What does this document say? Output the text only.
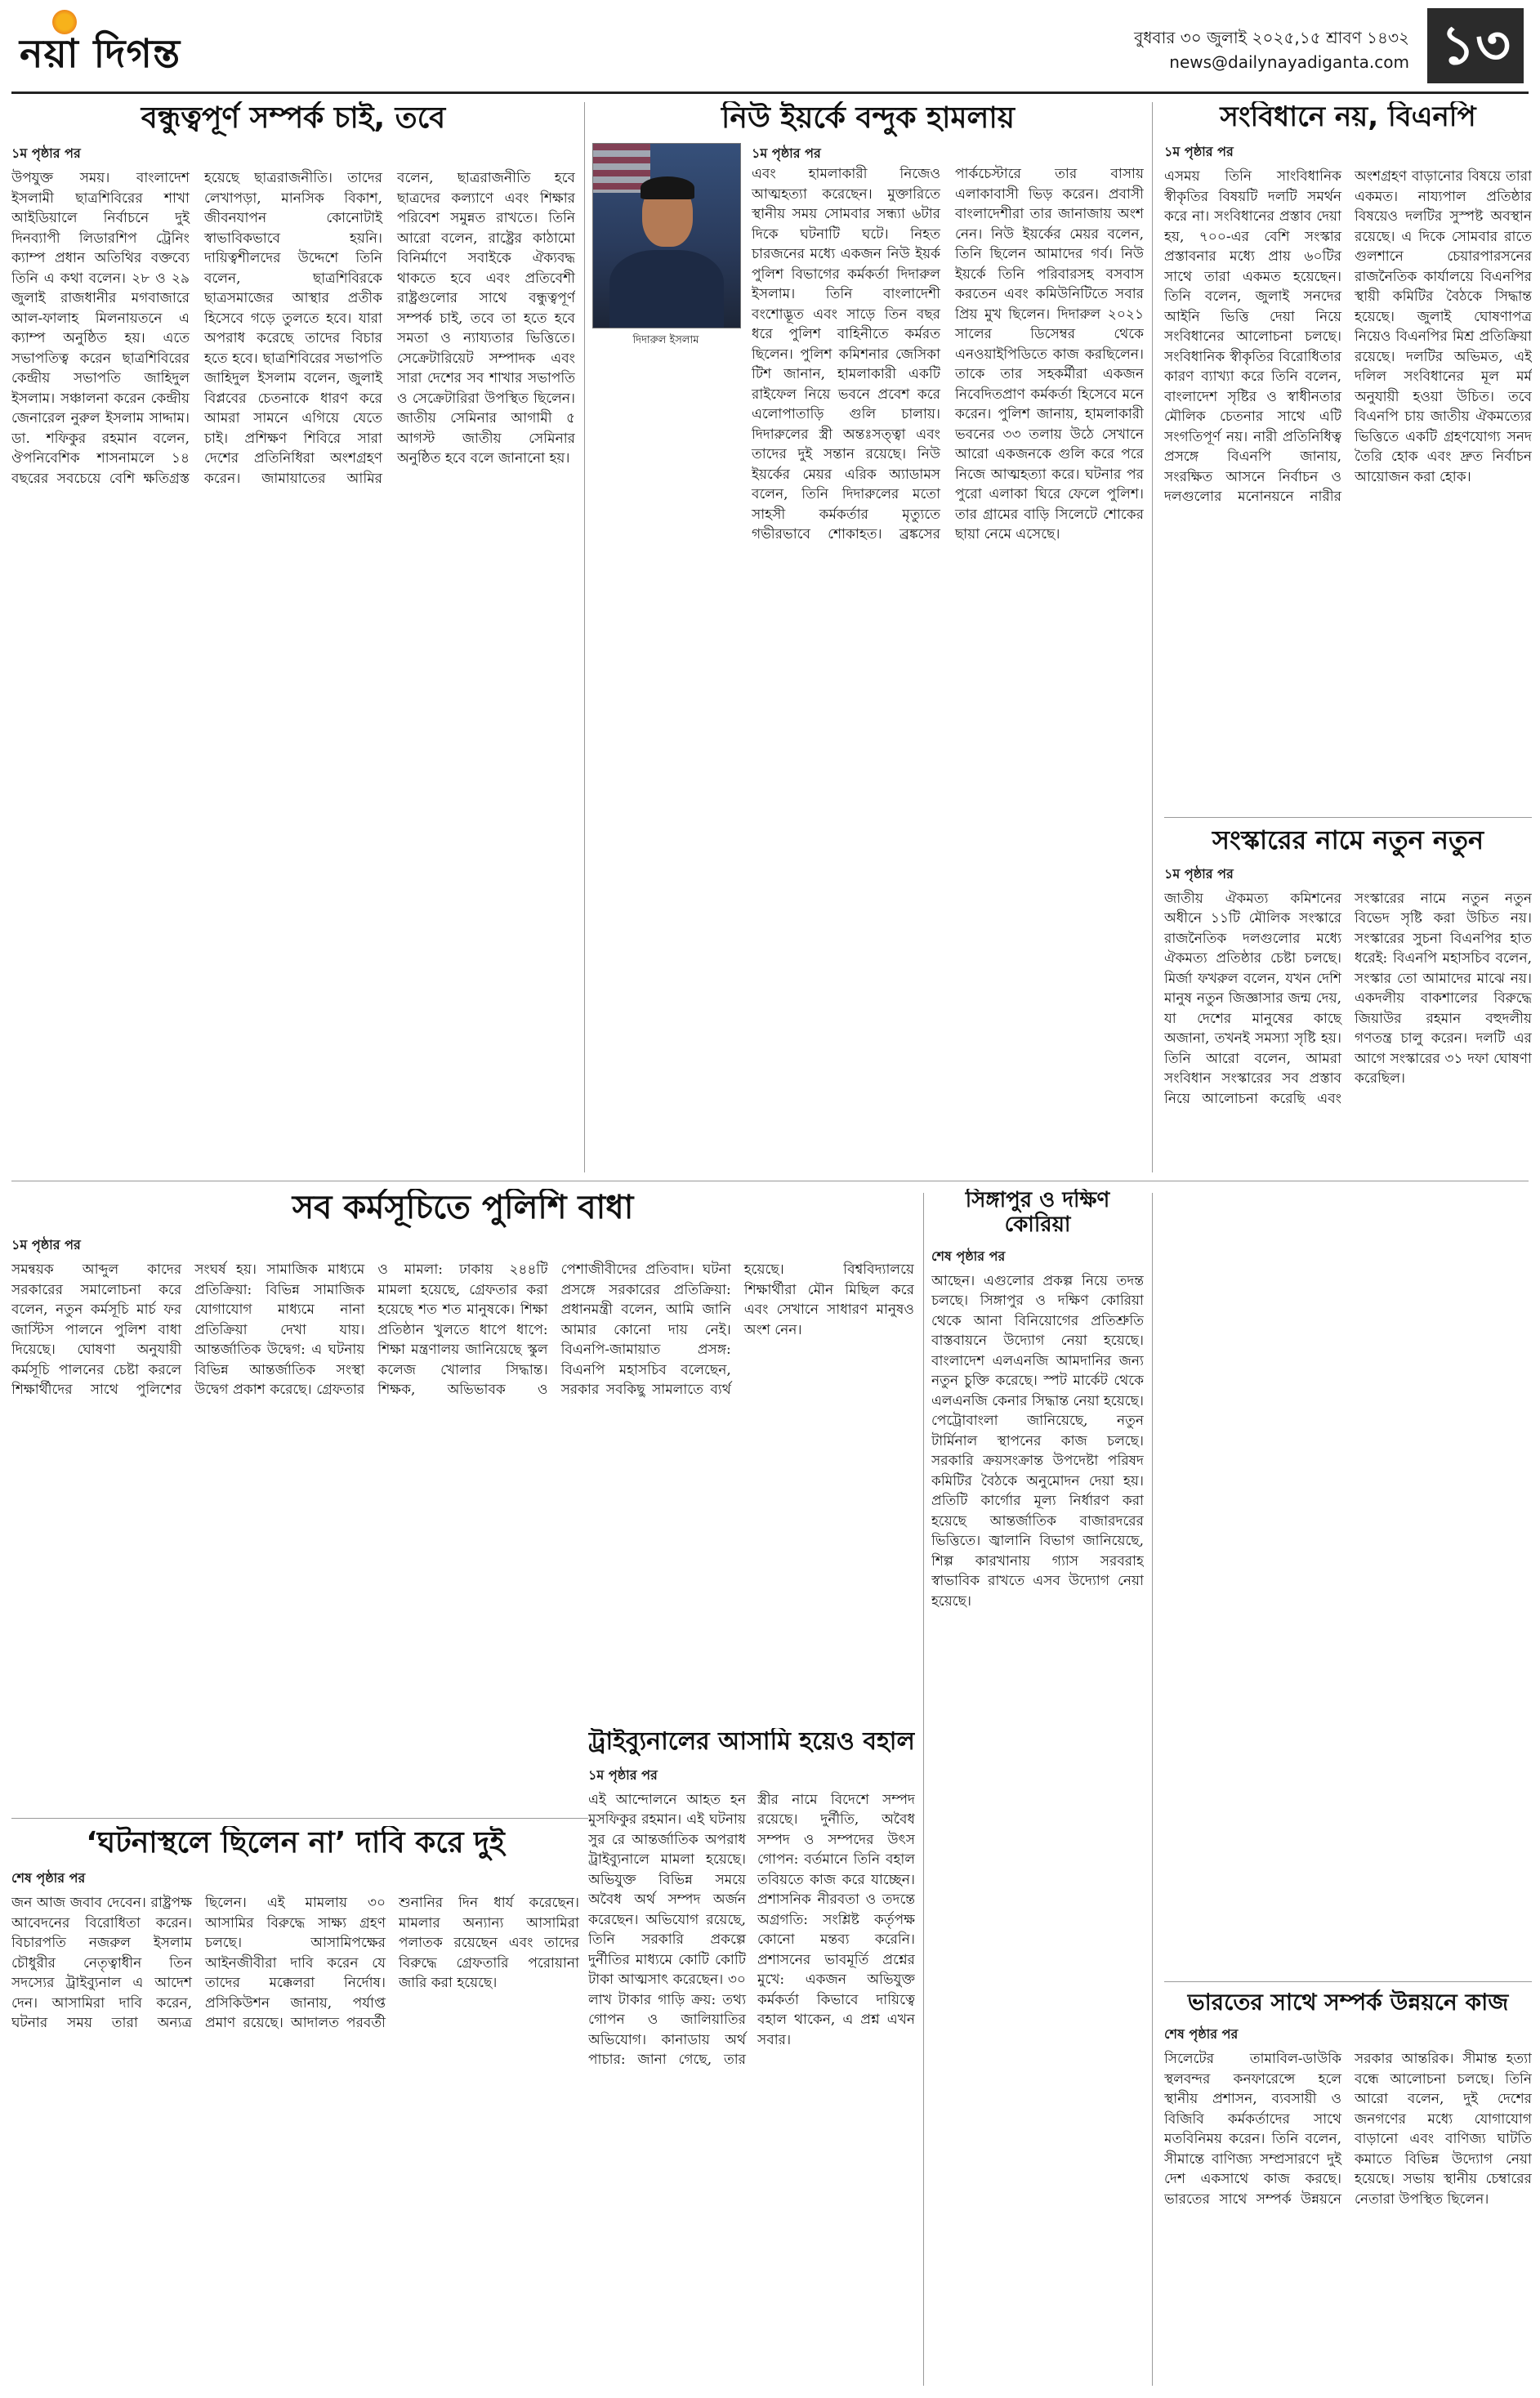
নয়া দিগন্ত	বুধবার ৩০ জুলাই ২০২৫,১৫ শ্রাবণ ১৪৩২
news@dailynayadiganta.com ১৩
বন্ধুত্বপূর্ণ সম্পর্ক চাই, তবে

১ম পৃষ্ঠার পর

উপযুক্ত সময়। বাংলাদেশ ইসলামী ছাত্রশিবিরের শাখা আইডিয়ালে নির্বাচনে দুই দিনব্যাপী লিডারশিপ ট্রেনিং ক্যাম্প প্রধান অতিথির বক্তব্যে তিনি এ কথা বলেন। ২৮ ও ২৯ জুলাই রাজধানীর মগবাজারে আল-ফালাহ মিলনায়তনে এ ক্যাম্প অনুষ্ঠিত হয়। এতে সভাপতিত্ব করেন ছাত্রশিবিরের কেন্দ্রীয় সভাপতি জাহিদুল ইসলাম। সঞ্চালনা করেন কেন্দ্রীয় জেনারেল নুরুল ইসলাম সাদ্দাম। ডা. শফিকুর রহমান বলেন, ঔপনিবেশিক শাসনামলে ১৪ বছরের সবচেয়ে বেশি ক্ষতিগ্রস্ত হয়েছে ছাত্ররাজনীতি। তাদের লেখাপড়া, মানসিক বিকাশ, জীবনযাপন কোনোটাই স্বাভাবিকভাবে হয়নি। দায়িত্বশীলদের উদ্দেশে তিনি বলেন, ছাত্রশিবিরকে ছাত্রসমাজের আস্থার প্রতীক হিসেবে গড়ে তুলতে হবে। যারা অপরাধ করেছে তাদের বিচার হতে হবে। ছাত্রশিবিরের সভাপতি জাহিদুল ইসলাম বলেন, জুলাই বিপ্লবের চেতনাকে ধারণ করে আমরা সামনে এগিয়ে যেতে চাই। প্রশিক্ষণ শিবিরে সারা দেশের প্রতিনিধিরা অংশগ্রহণ করেন। জামায়াতের আমির বলেন, ছাত্ররাজনীতি হবে ছাত্রদের কল্যাণে এবং শিক্ষার পরিবেশ সমুন্নত রাখতে। তিনি আরো বলেন, রাষ্ট্রের কাঠামো বিনির্মাণে সবাইকে ঐক্যবদ্ধ থাকতে হবে এবং প্রতিবেশী রাষ্ট্রগুলোর সাথে বন্ধুত্বপূর্ণ সম্পর্ক চাই, তবে তা হতে হবে সমতা ও ন্যায্যতার ভিত্তিতে। সেক্রেটারিয়েট সম্পাদক এবং সারা দেশের সব শাখার সভাপতি ও সেক্রেটারিরা উপস্থিত ছিলেন। জাতীয় সেমিনার আগামী ৫ আগস্ট জাতীয় সেমিনার অনুষ্ঠিত হবে বলে জানানো হয়।

নিউ ইয়র্কে বন্দুক হামলায়
দিদারুল ইসলাম

১ম পৃষ্ঠার পর

এবং হামলাকারী নিজেও আত্মহত্যা করেছেন। মুক্তারিতে স্থানীয় সময় সোমবার সন্ধ্যা ৬টার দিকে ঘটনাটি ঘটে। নিহত চারজনের মধ্যে একজন নিউ ইয়র্ক পুলিশ বিভাগের কর্মকর্তা দিদারুল ইসলাম। তিনি বাংলাদেশী বংশোদ্ভূত এবং সাড়ে তিন বছর ধরে পুলিশ বাহিনীতে কর্মরত ছিলেন। পুলিশ কমিশনার জেসিকা টিশ জানান, হামলাকারী একটি রাইফেল নিয়ে ভবনে প্রবেশ করে এলোপাতাড়ি গুলি চালায়। দিদারুলের স্ত্রী অন্তঃসত্ত্বা এবং তাদের দুই সন্তান রয়েছে। নিউ ইয়র্কের মেয়র এরিক অ্যাডামস বলেন, তিনি দিদারুলের মতো সাহসী কর্মকর্তার মৃত্যুতে গভীরভাবে শোকাহত। ব্রঙ্কসের পার্কচেস্টারে তার বাসায় এলাকাবাসী ভিড় করেন। প্রবাসী বাংলাদেশীরা তার জানাজায় অংশ নেন। নিউ ইয়র্কের মেয়র বলেন, তিনি ছিলেন আমাদের গর্ব। নিউ ইয়র্কে তিনি পরিবারসহ বসবাস করতেন এবং কমিউনিটিতে সবার প্রিয় মুখ ছিলেন। দিদারুল ২০২১ সালের ডিসেম্বর থেকে এনওয়াইপিডিতে কাজ করছিলেন। তাকে তার সহকর্মীরা একজন নিবেদিতপ্রাণ কর্মকর্তা হিসেবে মনে করেন। পুলিশ জানায়, হামলাকারী ভবনের ৩৩ তলায় উঠে সেখানে আরো একজনকে গুলি করে পরে নিজে আত্মহত্যা করে। ঘটনার পর পুরো এলাকা ঘিরে ফেলে পুলিশ। তার গ্রামের বাড়ি সিলেটে শোকের ছায়া নেমে এসেছে।

সংবিধানে নয়, বিএনপি

১ম পৃষ্ঠার পর

এসময় তিনি সাংবিধানিক স্বীকৃতির বিষয়টি দলটি সমর্থন করে না। সংবিধানের প্রস্তাব দেয়া হয়, ৭০০-এর বেশি সংস্কার প্রস্তাবনার মধ্যে প্রায় ৬০টির সাথে তারা একমত হয়েছেন। তিনি বলেন, জুলাই সনদের আইনি ভিত্তি দেয়া নিয়ে সংবিধানের আলোচনা চলছে। সংবিধানিক স্বীকৃতির বিরোধিতার কারণ ব্যাখ্যা করে তিনি বলেন, বাংলাদেশ সৃষ্টির ও স্বাধীনতার মৌলিক চেতনার সাথে এটি সংগতিপূর্ণ নয়। নারী প্রতিনিধিত্ব প্রসঙ্গে বিএনপি জানায়, সংরক্ষিত আসনে নির্বাচন ও দলগুলোর মনোনয়নে নারীর অংশগ্রহণ বাড়ানোর বিষয়ে তারা একমত। নায্যপাল প্রতিষ্ঠার বিষয়েও দলটির সুস্পষ্ট অবস্থান রয়েছে। এ দিকে সোমবার রাতে গুলশানে চেয়ারপারসনের রাজনৈতিক কার্যালয়ে বিএনপির স্থায়ী কমিটির বৈঠকে সিদ্ধান্ত হয়েছে। জুলাই ঘোষণাপত্র নিয়েও বিএনপির মিশ্র প্রতিক্রিয়া রয়েছে। দলটির অভিমত, এই দলিল সংবিধানের মূল মর্ম অনুযায়ী হওয়া উচিত। তবে বিএনপি চায় জাতীয় ঐকমত্যের ভিত্তিতে একটি গ্রহণযোগ্য সনদ তৈরি হোক এবং দ্রুত নির্বাচন আয়োজন করা হোক।

সংস্কারের নামে নতুন নতুন

১ম পৃষ্ঠার পর

জাতীয় ঐকমত্য কমিশনের অধীনে ১১টি মৌলিক সংস্কারে রাজনৈতিক দলগুলোর মধ্যে ঐকমত্য প্রতিষ্ঠার চেষ্টা চলছে। মির্জা ফখরুল বলেন, যখন দেশি মানুষ নতুন জিজ্ঞাসার জন্ম দেয়, যা দেশের মানুষের কাছে অজানা, তখনই সমস্যা সৃষ্টি হয়। তিনি আরো বলেন, আমরা সংবিধান সংস্কারের সব প্রস্তাব নিয়ে আলোচনা করেছি এবং সংস্কারের নামে নতুন নতুন বিভেদ সৃষ্টি করা উচিত নয়। সংস্কারের সুচনা বিএনপির হাত ধরেই: বিএনপি মহাসচিব বলেন, সংস্কার তো আমাদের মাঝে নয়। একদলীয় বাকশালের বিরুদ্ধে জিয়াউর রহমান বহুদলীয় গণতন্ত্র চালু করেন। দলটি এর আগে সংস্কারের ৩১ দফা ঘোষণা করেছিল।

সব কর্মসূচিতে পুলিশি বাধা

১ম পৃষ্ঠার পর

সমন্বয়ক আব্দুল কাদের সরকারের সমালোচনা করে বলেন, নতুন কর্মসূচি মার্চ ফর জাস্টিস পালনে পুলিশ বাধা দিয়েছে। ঘোষণা অনুযায়ী কর্মসূচি পালনের চেষ্টা করলে শিক্ষার্থীদের সাথে পুলিশের সংঘর্ষ হয়। সামাজিক মাধ্যমে প্রতিক্রিয়া: বিভিন্ন সামাজিক যোগাযোগ মাধ্যমে নানা প্রতিক্রিয়া দেখা যায়। আন্তর্জাতিক উদ্বেগ: এ ঘটনায় বিভিন্ন আন্তর্জাতিক সংস্থা উদ্বেগ প্রকাশ করেছে। গ্রেফতার ও মামলা: ঢাকায় ২৪৪টি মামলা হয়েছে, গ্রেফতার করা হয়েছে শত শত মানুষকে। শিক্ষা প্রতিষ্ঠান খুলতে ধাপে ধাপে: শিক্ষা মন্ত্রণালয় জানিয়েছে স্কুল কলেজ খোলার সিদ্ধান্ত। শিক্ষক, অভিভাবক ও পেশাজীবীদের প্রতিবাদ। ঘটনা প্রসঙ্গে সরকারের প্রতিক্রিয়া: প্রধানমন্ত্রী বলেন, আমি জানি আমার কোনো দায় নেই। বিএনপি-জামায়াত প্রসঙ্গ: বিএনপি মহাসচিব বলেছেন, সরকার সবকিছু সামলাতে ব্যর্থ হয়েছে। বিশ্ববিদ্যালয়ে শিক্ষার্থীরা মৌন মিছিল করে এবং সেখানে সাধারণ মানুষও অংশ নেন।

ট্রাইব্যুনালের আসামি হয়েও বহাল

১ম পৃষ্ঠার পর

এই আন্দোলনে আহত হন মুসফিকুর রহমান। এই ঘটনায় সুর রে আন্তর্জাতিক অপরাধ ট্রাইব্যুনালে মামলা হয়েছে। অভিযুক্ত বিভিন্ন সময়ে অবৈধ অর্থ সম্পদ অর্জন করেছেন। অভিযোগ রয়েছে, তিনি সরকারি প্রকল্পে দুর্নীতির মাধ্যমে কোটি কোটি টাকা আত্মসাৎ করেছেন। ৩০ লাখ টাকার গাড়ি ক্রয়: তথ্য গোপন ও জালিয়াতির অভিযোগ। কানাডায় অর্থ পাচার: জানা গেছে, তার স্ত্রীর নামে বিদেশে সম্পদ রয়েছে। দুর্নীতি, অবৈধ সম্পদ ও সম্পদের উৎস গোপন: বর্তমানে তিনি বহাল তবিয়তে কাজ করে যাচ্ছেন। প্রশাসনিক নীরবতা ও তদন্তে অগ্রগতি: সংশ্লিষ্ট কর্তৃপক্ষ কোনো মন্তব্য করেনি। প্রশাসনের ভাবমূর্তি প্রশ্নের মুখে: একজন অভিযুক্ত কর্মকর্তা কিভাবে দায়িত্বে বহাল থাকেন, এ প্রশ্ন এখন সবার।

সিঙ্গাপুর ও দক্ষিণ কোরিয়া

শেষ পৃষ্ঠার পর

আছেন। এগুলোর প্রকল্প নিয়ে তদন্ত চলছে। সিঙ্গাপুর ও দক্ষিণ কোরিয়া থেকে আনা বিনিয়োগের প্রতিশ্রুতি বাস্তবায়নে উদ্যোগ নেয়া হয়েছে। বাংলাদেশ এলএনজি আমদানির জন্য নতুন চুক্তি করেছে। স্পট মার্কেট থেকে এলএনজি কেনার সিদ্ধান্ত নেয়া হয়েছে। পেট্রোবাংলা জানিয়েছে, নতুন টার্মিনাল স্থাপনের কাজ চলছে। সরকারি ক্রয়সংক্রান্ত উপদেষ্টা পরিষদ কমিটির বৈঠকে অনুমোদন দেয়া হয়। প্রতিটি কার্গোর মূল্য নির্ধারণ করা হয়েছে আন্তর্জাতিক বাজারদরের ভিত্তিতে। জ্বালানি বিভাগ জানিয়েছে, শিল্প কারখানায় গ্যাস সরবরাহ স্বাভাবিক রাখতে এসব উদ্যোগ নেয়া হয়েছে।

‘ঘটনাস্থলে ছিলেন না’ দাবি করে দুই

শেষ পৃষ্ঠার পর

জন আজ জবাব দেবেন। রাষ্ট্রপক্ষ আবেদনের বিরোধিতা করেন। বিচারপতি নজরুল ইসলাম চৌধুরীর নেতৃত্বাধীন তিন সদস্যের ট্রাইব্যুনাল এ আদেশ দেন। আসামিরা দাবি করেন, ঘটনার সময় তারা অন্যত্র ছিলেন। এই মামলায় ৩০ আসামির বিরুদ্ধে সাক্ষ্য গ্রহণ চলছে। আসামিপক্ষের আইনজীবীরা দাবি করেন যে তাদের মক্কেলরা নির্দোষ। প্রসিকিউশন জানায়, পর্যাপ্ত প্রমাণ রয়েছে। আদালত পরবর্তী শুনানির দিন ধার্য করেছেন। মামলার অন্যান্য আসামিরা পলাতক রয়েছেন এবং তাদের বিরুদ্ধে গ্রেফতারি পরোয়ানা জারি করা হয়েছে।

ভারতের সাথে সম্পর্ক উন্নয়নে কাজ

শেষ পৃষ্ঠার পর

সিলেটের তামাবিল-ডাউকি স্থলবন্দর কনফারেন্সে হলে স্থানীয় প্রশাসন, ব্যবসায়ী ও বিজিবি কর্মকর্তাদের সাথে মতবিনিময় করেন। তিনি বলেন, সীমান্তে বাণিজ্য সম্প্রসারণে দুই দেশ একসাথে কাজ করছে। ভারতের সাথে সম্পর্ক উন্নয়নে সরকার আন্তরিক। সীমান্ত হত্যা বন্ধে আলোচনা চলছে। তিনি আরো বলেন, দুই দেশের জনগণের মধ্যে যোগাযোগ বাড়ানো এবং বাণিজ্য ঘাটতি কমাতে বিভিন্ন উদ্যোগ নেয়া হয়েছে। সভায় স্থানীয় চেম্বারের নেতারা উপস্থিত ছিলেন।
